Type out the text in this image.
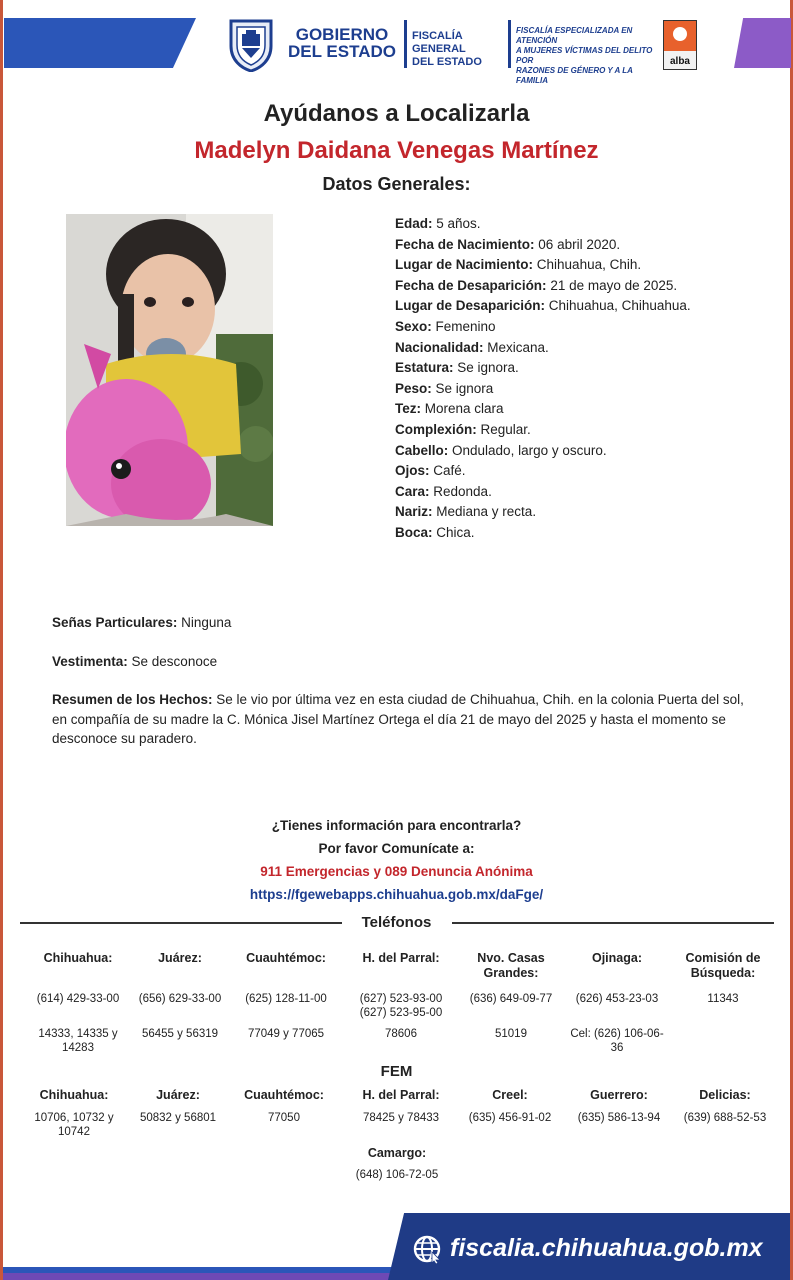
GOBIERNO
DEL ESTADO
FISCALÍA GENERAL
DEL ESTADO
FISCALÍA ESPECIALIZADA EN ATENCIÓN
A MUJERES VÍCTIMAS DEL DELITO POR
RAZONES DE GÉNERO Y A LA FAMILIA
alba
Ayúdanos a Localizarla
Madelyn Daidana Venegas Martínez
Datos Generales:
Edad: 5 años.
Fecha de Nacimiento: 06 abril 2020.
Lugar de Nacimiento: Chihuahua, Chih.
Fecha de Desaparición: 21 de mayo de 2025.
Lugar de Desaparición: Chihuahua, Chihuahua.
Sexo: Femenino
Nacionalidad: Mexicana.
Estatura: Se ignora.
Peso: Se ignora
Tez: Morena clara
Complexión: Regular.
Cabello: Ondulado, largo y oscuro.
Ojos: Café.
Cara: Redonda.
Nariz: Mediana y recta.
Boca: Chica.
Señas Particulares: Ninguna
Vestimenta: Se desconoce
Resumen de los Hechos: Se le vio por última vez en esta ciudad de Chihuahua, Chih. en la colonia Puerta del sol, en compañía de su madre la C. Mónica Jisel Martínez Ortega el día 21 de mayo del 2025 y hasta el momento se desconoce su paradero.
¿Tienes información para encontrarla?
Por favor Comunícate a:
911 Emergencias y 089 Denuncia Anónima
https://fgewebapps.chihuahua.gob.mx/daFge/
Teléfonos
Chihuahua:
(614) 429-33-00
14333, 14335 y 14283
Juárez:
(656) 629-33-00
56455 y 56319
Cuauhtémoc:
(625) 128-11-00
77049 y 77065
H. del Parral:
(627) 523-93-00 (627) 523-95-00
78606
Nvo. Casas Grandes:
(636) 649-09-77
51019
Ojinaga:
(626) 453-23-03
Cel: (626) 106-06-36
Comisión de Búsqueda:
11343
FEM
Chihuahua:
10706, 10732 y 10742
Juárez:
50832 y 56801
Cuauhtémoc:
77050
H. del Parral:
78425 y 78433
Creel:
(635) 456-91-02
Guerrero:
(635) 586-13-94
Delicias:
(639) 688-52-53
Camargo:
(648) 106-72-05
fiscalia.chihuahua.gob.mx
